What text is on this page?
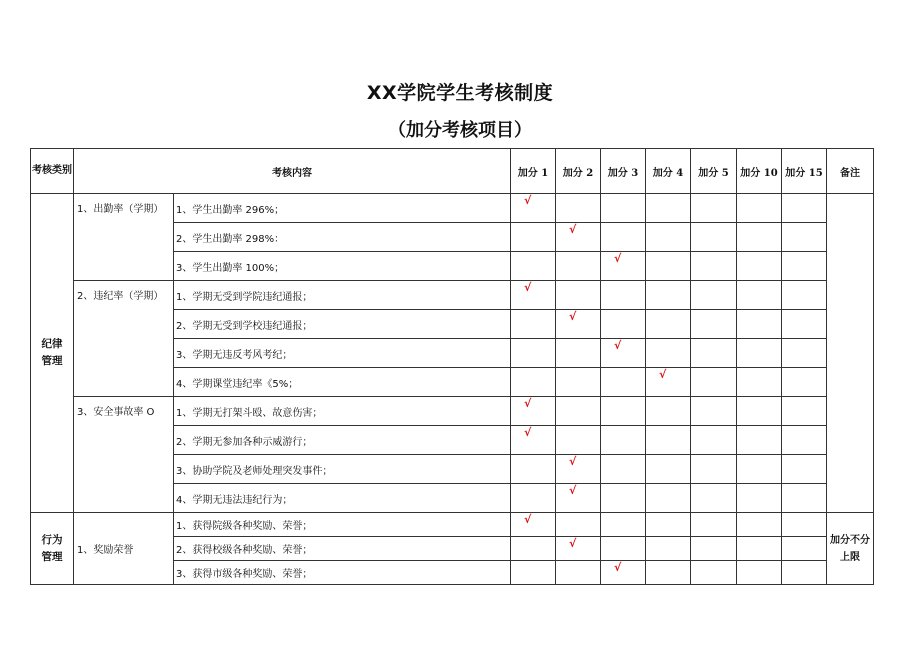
XX学院学生考核制度
（加分考核项目）
考核类别	考核内容		加分 1	加分 2	加分 3	加分 4	加分 5	加分 10	加分 15	备注
纪律
管理	1、出勤率（学期）	1、学生出勤率 296%；	√							

		2、学生出勤率 298%：		√						

		3、学生出勤率 100%；			√					

	2、违纪率（学期）	1、学期无受到学院违纪通报；	√							

		2、学期无受到学校违纪通报；		√						

		3、学期无违反考风考纪；			√					

		4、学期课堂违纪率《5%；				√				

	3、安全事故率 O	1、学期无打架斗殴、故意伤害；	√							

		2、学期无参加各种示威游行；	√							

		3、协助学院及老师处理突发事件；		√						

		4、学期无违法违纪行为；		√						

行为
管理	1、奖励荣誉	1、获得院级各种奖励、荣誉；	√							加分不分
上限
		2、获得校级各种奖励、荣誉；		√						

		3、获得市级各种奖励、荣誉；			√					
